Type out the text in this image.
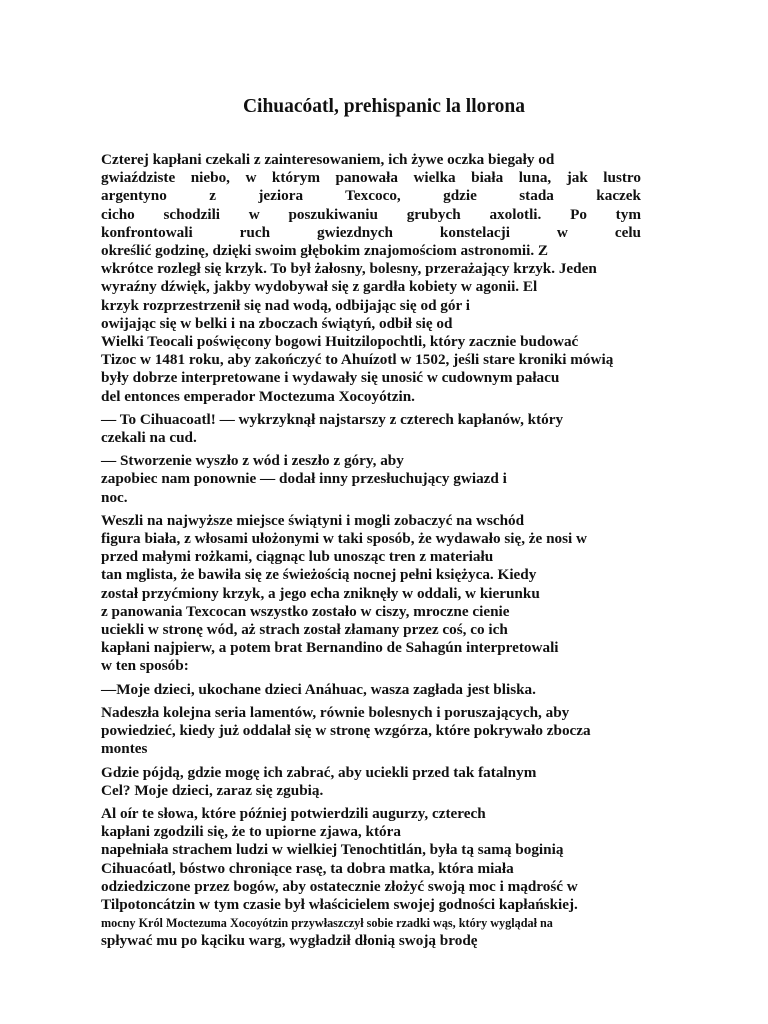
Cihuacóatl, prehispanic la llorona
Czterej kapłani czekali z zainteresowaniem, ich żywe oczka biegały od
gwiaździste niebo, w którym panowała wielka biała luna, jak lustro
argentyno z jeziora Texcoco, gdzie stada kaczek
cicho schodzili w poszukiwaniu grubych axolotli. Po tym
konfrontowali ruch gwiezdnych konstelacji w celu
określić godzinę, dzięki swoim głębokim znajomościom astronomii. Z
wkrótce rozległ się krzyk. To był żałosny, bolesny, przerażający krzyk. Jeden
wyraźny dźwięk, jakby wydobywał się z gardła kobiety w agonii. El
krzyk rozprzestrzenił się nad wodą, odbijając się od gór i
owijając się w belki i na zboczach świątyń, odbił się od
Wielki Teocali poświęcony bogowi Huitzilopochtli, który zacznie budować
Tizoc w 1481 roku, aby zakończyć to Ahuízotl w 1502, jeśli stare kroniki mówią
były dobrze interpretowane i wydawały się unosić w cudownym pałacu
del entonces emperador Moctezuma Xocoyótzin.
— To Cihuacoatl! — wykrzyknął najstarszy z czterech kapłanów, który
czekali na cud.
— Stworzenie wyszło z wód i zeszło z góry, aby
zapobiec nam ponownie — dodał inny przesłuchujący gwiazd i
noc.
Weszli na najwyższe miejsce świątyni i mogli zobaczyć na wschód
figura biała, z włosami ułożonymi w taki sposób, że wydawało się, że nosi w
przed małymi rożkami, ciągnąc lub unosząc tren z materiału
tan mglista, że bawiła się ze świeżością nocnej pełni księżyca. Kiedy
został przyćmiony krzyk, a jego echa zniknęły w oddali, w kierunku
z panowania Texcocan wszystko zostało w ciszy, mroczne cienie
uciekli w stronę wód, aż strach został złamany przez coś, co ich
kapłani najpierw, a potem brat Bernandino de Sahagún interpretowali
w ten sposób:
—Moje dzieci, ukochane dzieci Anáhuac, wasza zagłada jest bliska.
Nadeszła kolejna seria lamentów, równie bolesnych i poruszających, aby
powiedzieć, kiedy już oddalał się w stronę wzgórza, które pokrywało zbocza
montes
Gdzie pójdą, gdzie mogę ich zabrać, aby uciekli przed tak fatalnym
Cel? Moje dzieci, zaraz się zgubią.
Al oír te słowa, które później potwierdzili augurzy, czterech
kapłani zgodzili się, że to upiorne zjawa, która
napełniała strachem ludzi w wielkiej Tenochtitlán, była tą samą boginią
Cihuacóatl, bóstwo chroniące rasę, ta dobra matka, która miała
odziedziczone przez bogów, aby ostatecznie złożyć swoją moc i mądrość w
Tilpotoncátzin w tym czasie był właścicielem swojej godności kapłańskiej.
mocny Król Moctezuma Xocoyótzin przywłaszczył sobie rzadki wąs, który wyglądał na
spływać mu po kąciku warg, wygładził dłonią swoją brodę
